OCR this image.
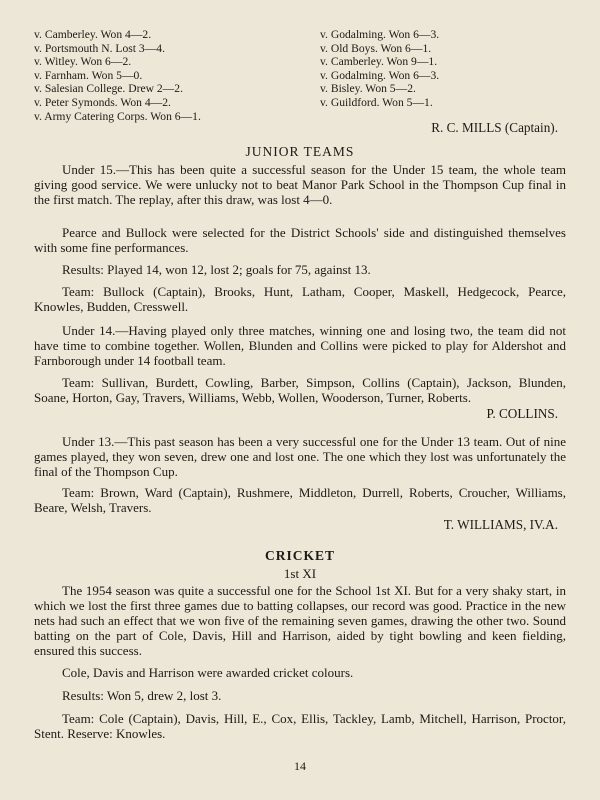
v. Camberley. Won 4—2.
v. Portsmouth N. Lost 3—4.
v. Witley. Won 6—2.
v. Farnham. Won 5—0.
v. Salesian College. Drew 2—2.
v. Peter Symonds. Won 4—2.
v. Army Catering Corps. Won 6—1.
v. Godalming. Won 6—3.
v. Old Boys. Won 6—1.
v. Camberley. Won 9—1.
v. Godalming. Won 6—3.
v. Bisley. Won 5—2.
v. Guildford. Won 5—1.
R. C. MILLS (Captain).
JUNIOR TEAMS

Under 15.—This has been quite a successful season for the Under 15 team, the whole team giving good service. We were unlucky not to beat Manor Park School in the Thompson Cup final in the first match. The replay, after this draw, was lost 4—0.

Pearce and Bullock were selected for the District Schools' side and distinguished themselves with some fine performances.

Results: Played 14, won 12, lost 2; goals for 75, against 13.

Team: Bullock (Captain), Brooks, Hunt, Latham, Cooper, Maskell, Hedgecock, Pearce, Knowles, Budden, Cresswell.

Under 14.—Having played only three matches, winning one and losing two, the team did not have time to combine together. Wollen, Blunden and Collins were picked to play for Aldershot and Farnborough under 14 football team.

Team: Sullivan, Burdett, Cowling, Barber, Simpson, Collins (Captain), Jackson, Blunden, Soane, Horton, Gay, Travers, Williams, Webb, Wollen, Wooderson, Turner, Roberts.

P. COLLINS.

Under 13.—This past season has been a very successful one for the Under 13 team. Out of nine games played, they won seven, drew one and lost one. The one which they lost was unfortunately the final of the Thompson Cup.

Team: Brown, Ward (Captain), Rushmere, Middleton, Durrell, Roberts, Croucher, Williams, Beare, Welsh, Travers.

T. WILLIAMS, IV.A.
CRICKET
1st XI

The 1954 season was quite a successful one for the School 1st XI. But for a very shaky start, in which we lost the first three games due to batting collapses, our record was good. Practice in the new nets had such an effect that we won five of the remaining seven games, drawing the other two. Sound batting on the part of Cole, Davis, Hill and Harrison, aided by tight bowling and keen fielding, ensured this success.

Cole, Davis and Harrison were awarded cricket colours.

Results: Won 5, drew 2, lost 3.

Team: Cole (Captain), Davis, Hill, E., Cox, Ellis, Tackley, Lamb, Mitchell, Harrison, Proctor, Stent. Reserve: Knowles.

14
